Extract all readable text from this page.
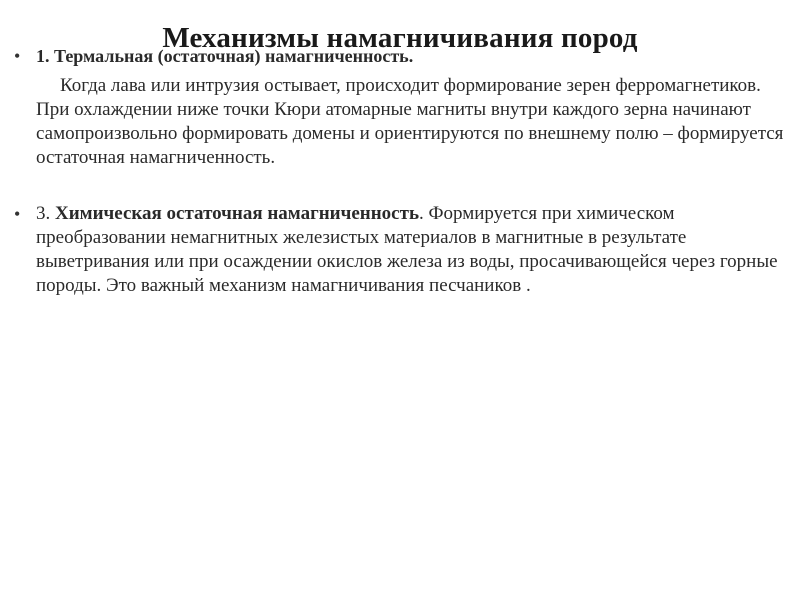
Механизмы намагничивания пород
• 1. Термальная (остаточная) намагниченность.
Когда лава или интрузия остывает, происходит формирование зерен ферромагнетиков. При охлаждении ниже точки Кюри атомарные магниты внутри каждого зерна начинают самопроизвольно формировать домены и ориентируются по внешнему полю – формируется остаточная намагниченность.
• 3. Химическая остаточная намагниченность. Формируется при химическом преобразовании немагнитных железистых материалов в магнитные в результате выветривания или при осаждении окислов железа из воды, просачивающейся через горные породы. Это важный механизм намагничивания песчаников .
